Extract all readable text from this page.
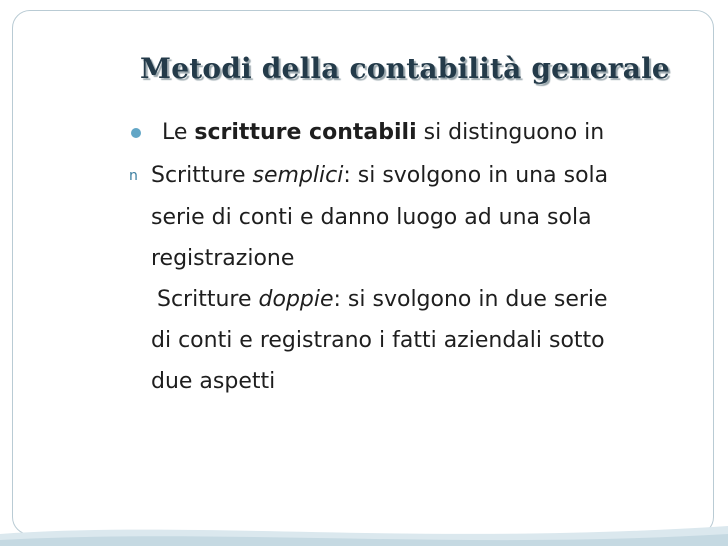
Metodi della contabilità generale
Le scritture contabili si distinguono in
n Scritture semplici: si svolgono in una sola
serie di conti e danno luogo ad una sola
registrazione
Scritture doppie: si svolgono in due serie
di conti e registrano i fatti aziendali sotto
due aspetti
